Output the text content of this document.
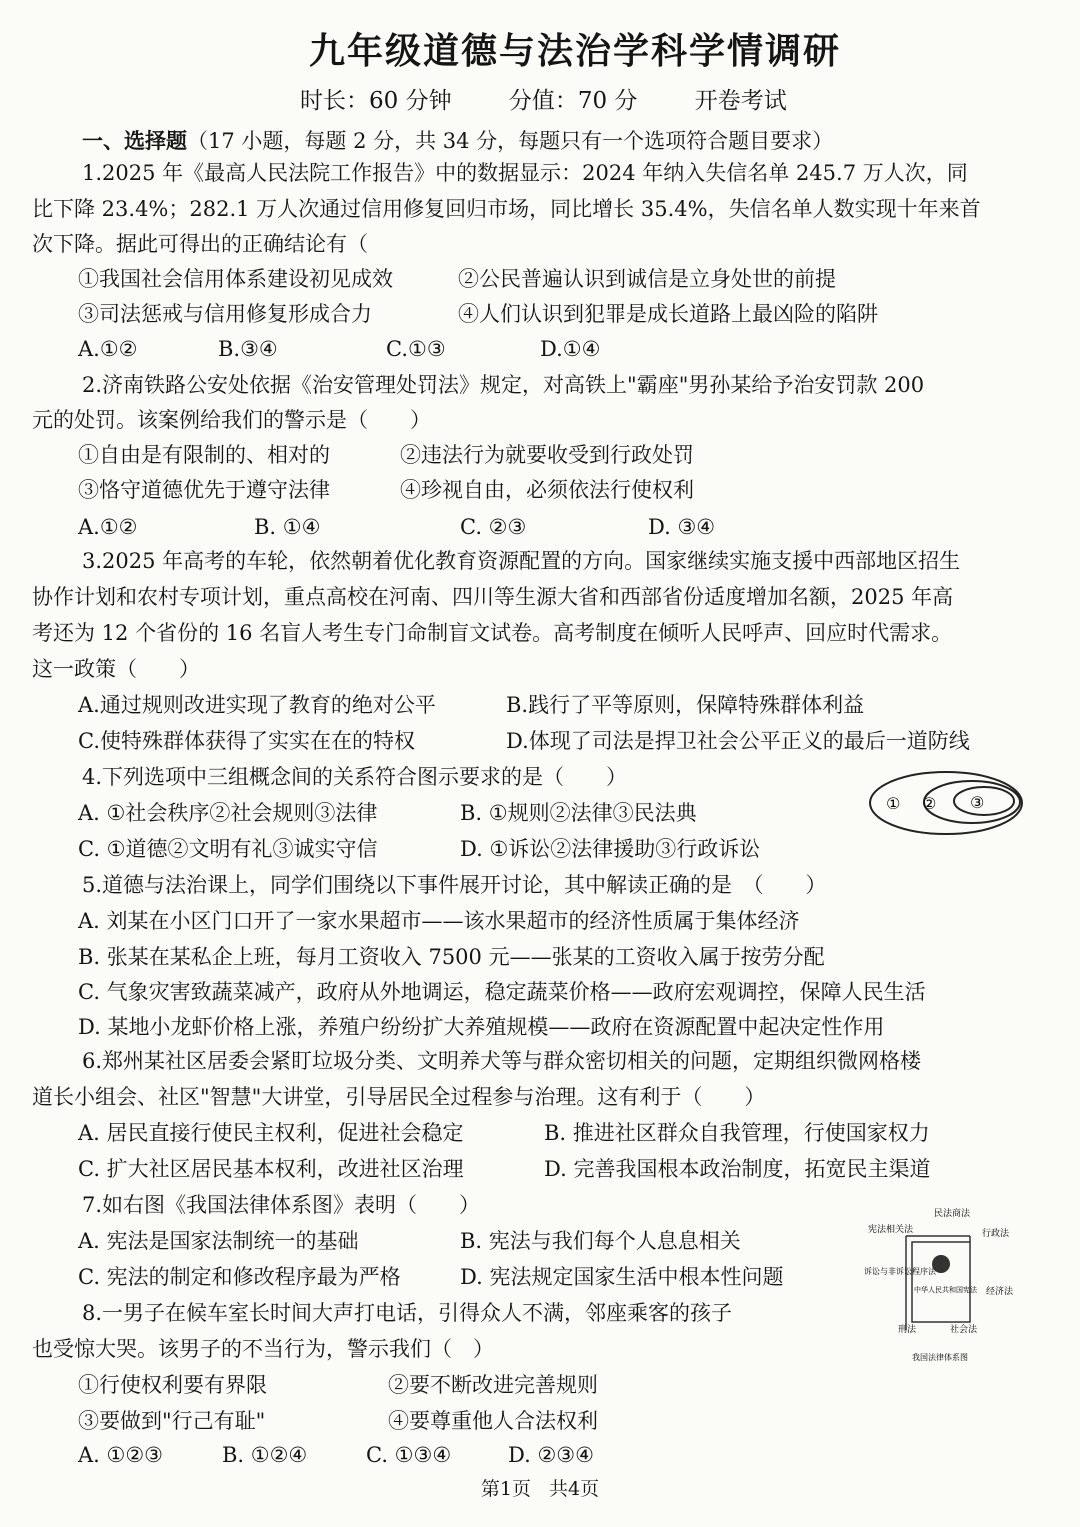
九年级道德与法治学科学情调研
时长：60 分钟 分值：70 分 开卷考试
一、选择题（17 小题，每题 2 分，共 34 分，每题只有一个选项符合题目要求）
1.2025 年《最高人民法院工作报告》中的数据显示：2024 年纳入失信名单 245.7 万人次，同
比下降 23.4%；282.1 万人次通过信用修复回归市场，同比增长 35.4%，失信名单人数实现十年来首
次下降。据此可得出的正确结论有（
①我国社会信用体系建设初见成效	②公民普遍认识到诚信是立身处世的前提
③司法惩戒与信用修复形成合力	④人们认识到犯罪是成长道路上最凶险的陷阱
A.①②	B.③④	C.①③	D.①④
2.济南铁路公安处依据《治安管理处罚法》规定，对高铁上"霸座"男孙某给予治安罚款 200
元的处罚。该案例给我们的警示是（　　）
①自由是有限制的、相对的	②违法行为就要收受到行政处罚
③恪守道德优先于遵守法律	④珍视自由，必须依法行使权利
A.①②	B. ①④	C. ②③	D. ③④
3.2025 年高考的车轮，依然朝着优化教育资源配置的方向。国家继续实施支援中西部地区招生
协作计划和农村专项计划，重点高校在河南、四川等生源大省和西部省份适度增加名额，2025 年高
考还为 12 个省份的 16 名盲人考生专门命制盲文试卷。高考制度在倾听人民呼声、回应时代需求。
这一政策（　　）
A.通过规则改进实现了教育的绝对公平	B.践行了平等原则，保障特殊群体利益
C.使特殊群体获得了实实在在的特权	D.体现了司法是捍卫社会公平正义的最后一道防线
4.下列选项中三组概念间的关系符合图示要求的是（　　）
A. ①社会秩序②社会规则③法律	B. ①规则②法律③民法典
C. ①道德②文明有礼③诚实守信	D. ①诉讼②法律援助③行政诉讼
① ② ③
5.道德与法治课上，同学们围绕以下事件展开讨论，其中解读正确的是　（　　）
A. 刘某在小区门口开了一家水果超市——该水果超市的经济性质属于集体经济
B. 张某在某私企上班，每月工资收入 7500 元——张某的工资收入属于按劳分配
C. 气象灾害致蔬菜减产，政府从外地调运，稳定蔬菜价格——政府宏观调控，保障人民生活
D. 某地小龙虾价格上涨，养殖户纷纷扩大养殖规模——政府在资源配置中起决定性作用
6.郑州某社区居委会紧盯垃圾分类、文明养犬等与群众密切相关的问题，定期组织微网格楼
道长小组会、社区"智慧"大讲堂，引导居民全过程参与治理。这有利于（　　）
A. 居民直接行使民主权利，促进社会稳定	B. 推进社区群众自我管理，行使国家权力
C. 扩大社区居民基本权利，改进社区治理	D. 完善我国根本政治制度，拓宽民主渠道
7.如右图《我国法律体系图》表明（　　）
A. 宪法是国家法制统一的基础	B. 宪法与我们每个人息息相关
C. 宪法的制定和修改程序最为严格	D. 宪法规定国家生活中根本性问题
民法商法
宪法相关法
中华人民共和国宪法
行政法
诉讼与非诉讼程序法
经济法
刑法	社会法
我国法律体系图
8.一男子在候车室长时间大声打电话，引得众人不满，邻座乘客的孩子
也受惊大哭。该男子的不当行为，警示我们（　）
①行使权利要有界限	②要不断改进完善规则
③要做到"行己有耻"	④要尊重他人合法权利
A. ①②③	B. ①②④	C. ①③④	D. ②③④
第1页 共4页
